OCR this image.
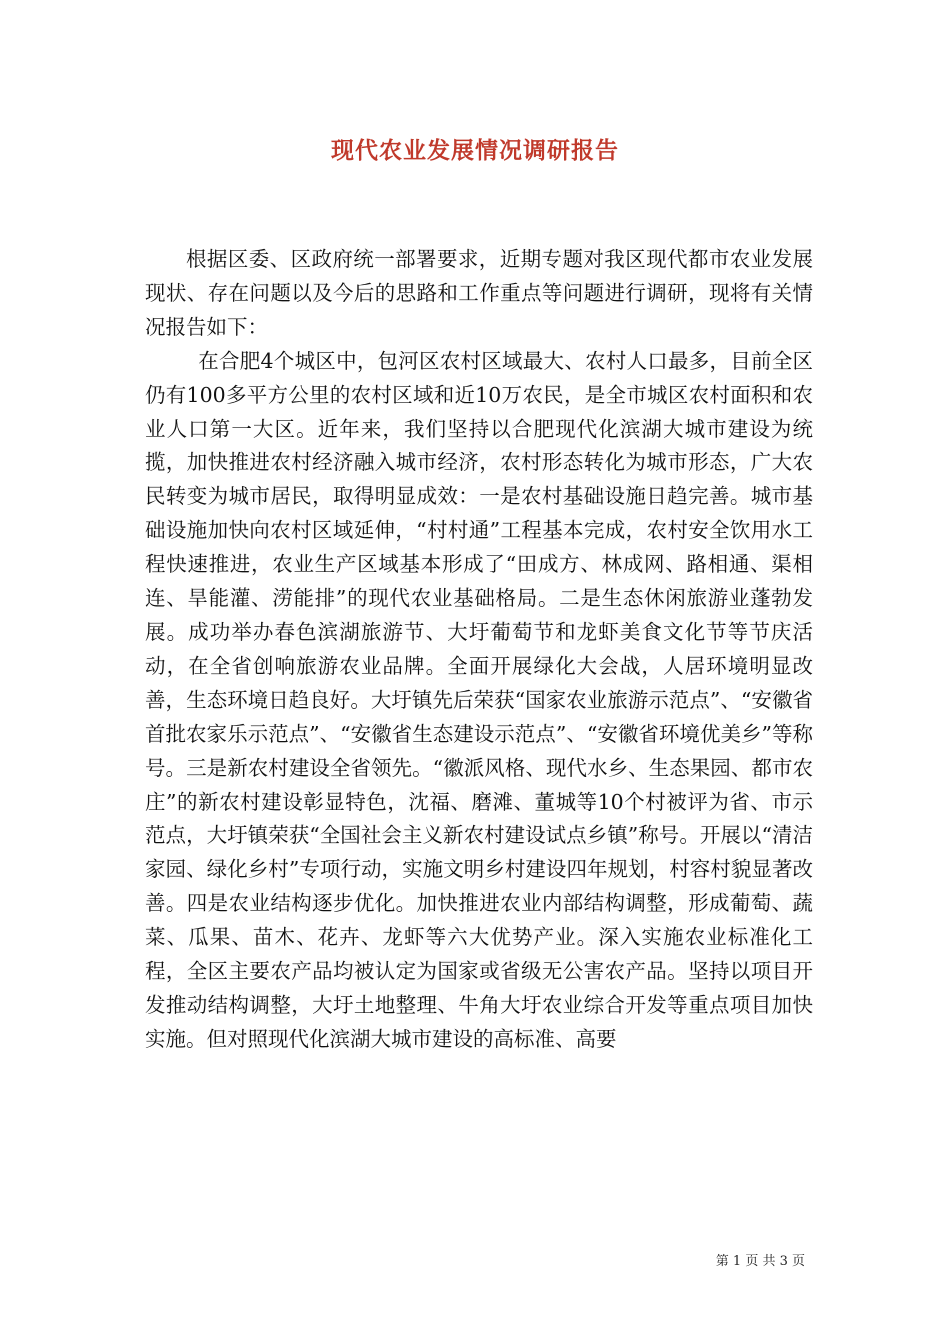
现代农业发展情况调研报告

根据区委、区政府统一部署要求，近期专题对我区现代都市农业发展现状、存在问题以及今后的思路和工作重点等问题进行调研，现将有关情况报告如下：

在合肥4个城区中，包河区农村区域最大、农村人口最多，目前全区仍有100多平方公里的农村区域和近10万农民，是全市城区农村面积和农业人口第一大区。近年来，我们坚持以合肥现代化滨湖大城市建设为统揽，加快推进农村经济融入城市经济，农村形态转化为城市形态，广大农民转变为城市居民，取得明显成效：一是农村基础设施日趋完善。城市基础设施加快向农村区域延伸，“村村通”工程基本完成，农村安全饮用水工程快速推进，农业生产区域基本形成了“田成方、林成网、路相通、渠相连、旱能灌、涝能排”的现代农业基础格局。二是生态休闲旅游业蓬勃发展。成功举办春色滨湖旅游节、大圩葡萄节和龙虾美食文化节等节庆活动，在全省创响旅游农业品牌。全面开展绿化大会战，人居环境明显改善，生态环境日趋良好。大圩镇先后荣获“国家农业旅游示范点”、“安徽省首批农家乐示范点”、“安徽省生态建设示范点”、“安徽省环境优美乡”等称号。三是新农村建设全省领先。“徽派风格、现代水乡、生态果园、都市农庄”的新农村建设彰显特色，沈福、磨滩、董城等10个村被评为省、市示范点，大圩镇荣获“全国社会主义新农村建设试点乡镇”称号。开展以“清洁家园、绿化乡村”专项行动，实施文明乡村建设四年规划，村容村貌显著改善。四是农业结构逐步优化。加快推进农业内部结构调整，形成葡萄、蔬菜、瓜果、苗木、花卉、龙虾等六大优势产业。深入实施农业标准化工程，全区主要农产品均被认定为国家或省级无公害农产品。坚持以项目开发推动结构调整，大圩土地整理、牛角大圩农业综合开发等重点项目加快实施。但对照现代化滨湖大城市建设的高标准、高要

第 1 页 共 3 页
